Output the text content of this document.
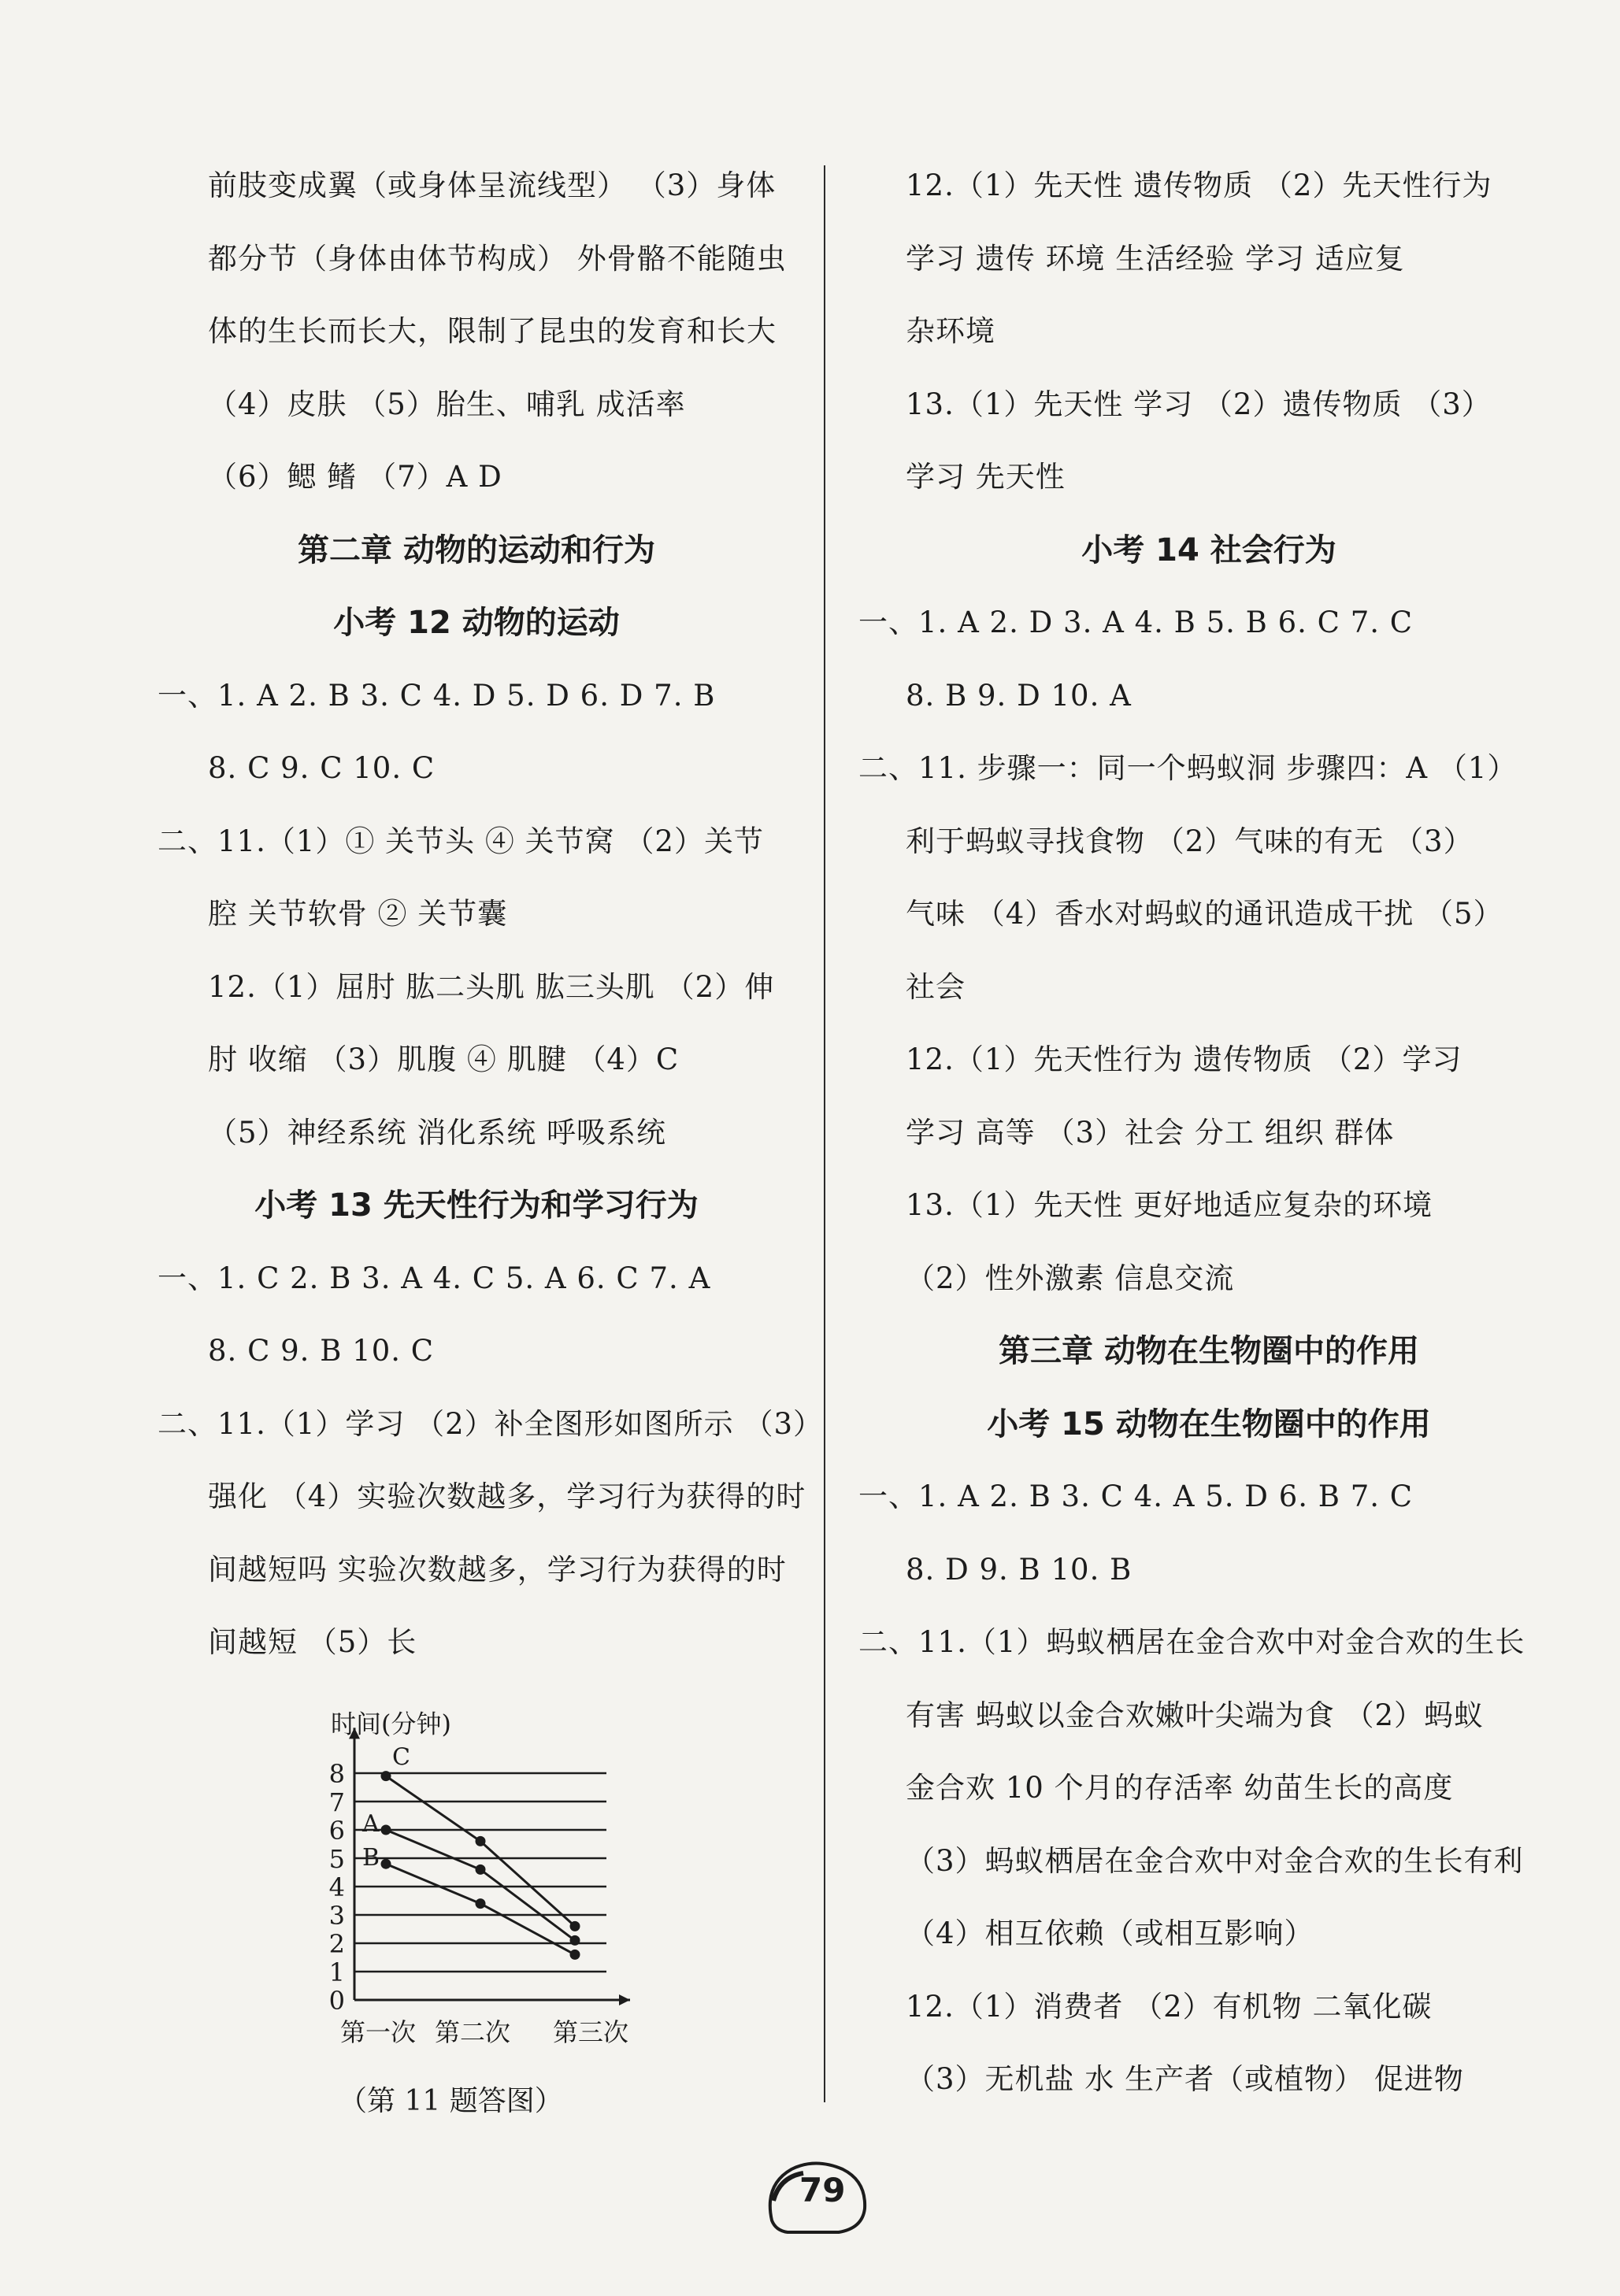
前肢变成翼（或身体呈流线型） （3）身体
都分节（身体由体节构成） 外骨骼不能随虫
体的生长而长大，限制了昆虫的发育和长大
（4）皮肤 （5）胎生、哺乳 成活率
（6）鳃 鳍 （7）A D
第二章 动物的运动和行为
小考 12 动物的运动
一、1. A 2. B 3. C 4. D 5. D 6. D 7. B
8. C 9. C 10. C
二、11.（1）① 关节头 ④ 关节窝 （2）关节
腔 关节软骨 ② 关节囊
12.（1）屈肘 肱二头肌 肱三头肌 （2）伸
肘 收缩 （3）肌腹 ④ 肌腱 （4）C
（5）神经系统 消化系统 呼吸系统
小考 13 先天性行为和学习行为
一、1. C 2. B 3. A 4. C 5. A 6. C 7. A
8. C 9. B 10. C
二、11.（1）学习 （2）补全图形如图所示 （3）
强化 （4）实验次数越多，学习行为获得的时
间越短吗 实验次数越多，学习行为获得的时
间越短 （5）长
12.（1）先天性 遗传物质 （2）先天性行为
学习 遗传 环境 生活经验 学习 适应复
杂环境
13.（1）先天性 学习 （2）遗传物质 （3）
学习 先天性
小考 14 社会行为
一、1. A 2. D 3. A 4. B 5. B 6. C 7. C
8. B 9. D 10. A
二、11. 步骤一：同一个蚂蚁洞 步骤四：A （1）
利于蚂蚁寻找食物 （2）气味的有无 （3）
气味 （4）香水对蚂蚁的通讯造成干扰 （5）
社会
12.（1）先天性行为 遗传物质 （2）学习
学习 高等 （3）社会 分工 组织 群体
13.（1）先天性 更好地适应复杂的环境
（2）性外激素 信息交流
第三章 动物在生物圈中的作用
小考 15 动物在生物圈中的作用
一、1. A 2. B 3. C 4. A 5. D 6. B 7. C
8. D 9. B 10. B
二、11.（1）蚂蚁栖居在金合欢中对金合欢的生长
有害 蚂蚁以金合欢嫩叶尖端为食 （2）蚂蚁
金合欢 10 个月的存活率 幼苗生长的高度
（3）蚂蚁栖居在金合欢中对金合欢的生长有利
（4）相互依赖（或相互影响）
12.（1）消费者 （2）有机物 二氧化碳
（3）无机盐 水 生产者（或植物） 促进物
0
1
2
3
4
5
6
7
8
时间(分钟)
第一次 第二次 第三次
C
A
B
（第 11 题答图）
79
